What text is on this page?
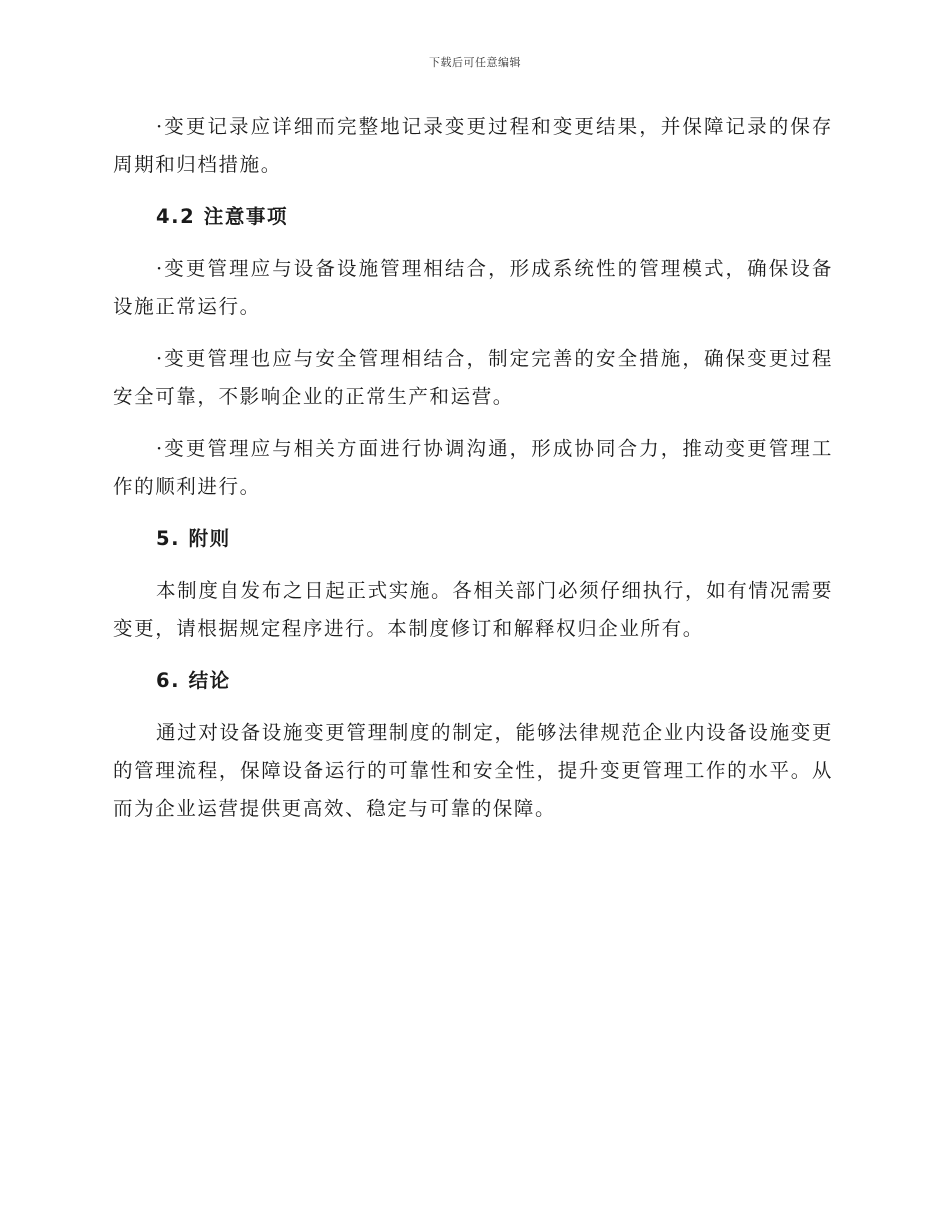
下载后可任意编辑

·变更记录应详细而完整地记录变更过程和变更结果，并保障记录的保存周期和归档措施。

4.2 注意事项

·变更管理应与设备设施管理相结合，形成系统性的管理模式，确保设备设施正常运行。

·变更管理也应与安全管理相结合，制定完善的安全措施，确保变更过程安全可靠，不影响企业的正常生产和运营。

·变更管理应与相关方面进行协调沟通，形成协同合力，推动变更管理工作的顺利进行。

5. 附则

本制度自发布之日起正式实施。各相关部门必须仔细执行，如有情况需要变更，请根据规定程序进行。本制度修订和解释权归企业所有。

6. 结论

通过对设备设施变更管理制度的制定，能够法律规范企业内设备设施变更的管理流程，保障设备运行的可靠性和安全性，提升变更管理工作的水平。从而为企业运营提供更高效、稳定与可靠的保障。
